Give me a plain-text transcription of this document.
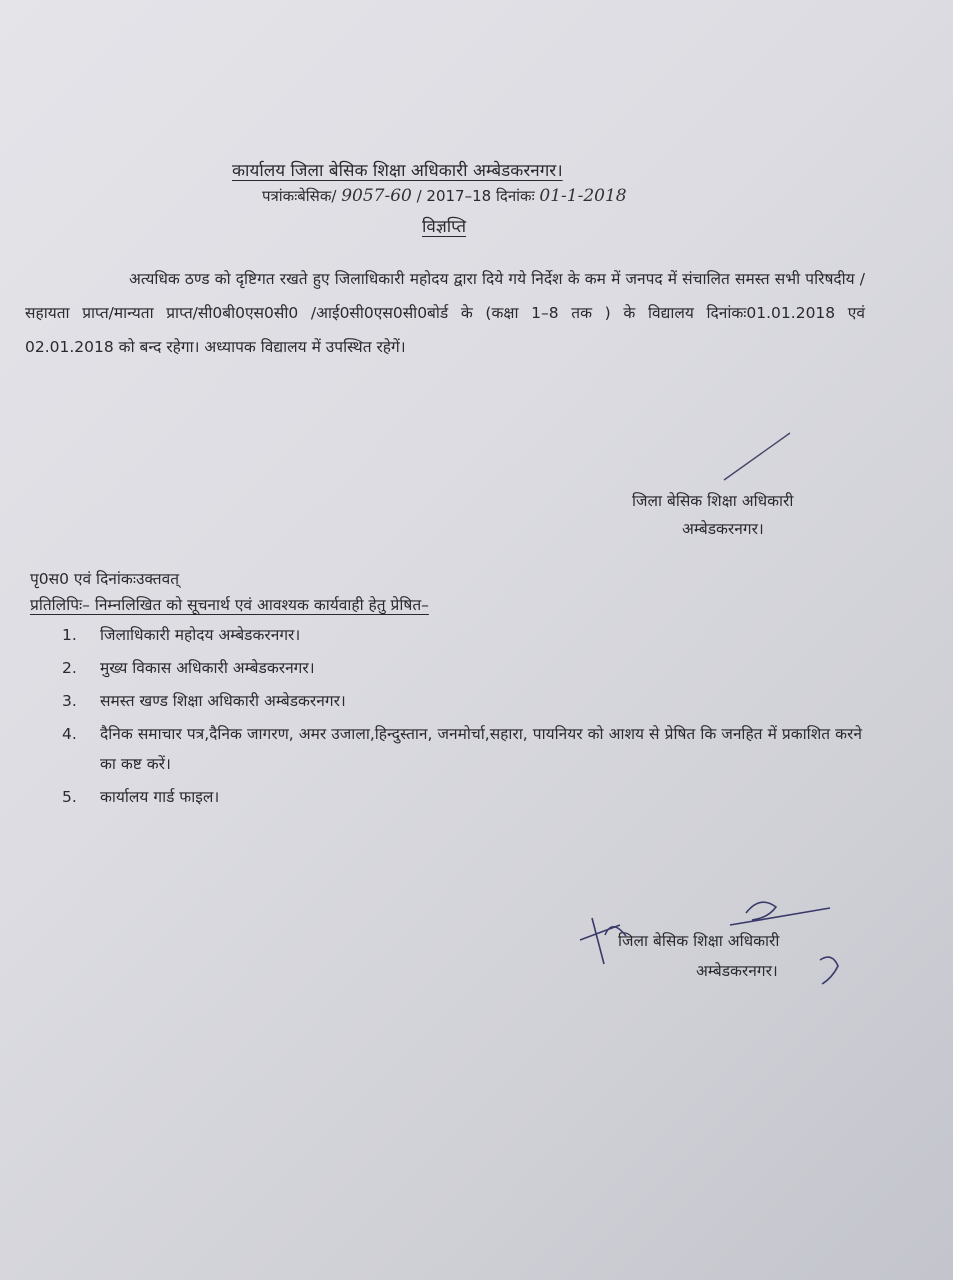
कार्यालय जिला बेसिक शिक्षा अधिकारी अम्बेडकरनगर।
पत्रांकःबेसिक/ 9057-60 / 2017–18 दिनांकः 01-1-2018
विज्ञप्ति

अत्यधिक ठण्ड को दृष्टिगत रखते हुए जिलाधिकारी महोदय द्वारा दिये गये निर्देश के कम में जनपद में संचालित समस्त सभी परिषदीय /सहायता प्राप्त/मान्यता प्राप्त/सी0बी0एस0सी0 /आई0सी0एस0सी0बोर्ड के (कक्षा 1–8 तक ) के विद्यालय दिनांकः01.01.2018 एवं 02.01.2018 को बन्द रहेगा। अध्यापक विद्यालय में उपस्थित रहेगें।

जिला बेसिक शिक्षा अधिकारी
अम्बेडकरनगर।
पृ0स0 एवं दिनांकःउक्तवत्
प्रतिलिपिः– निम्नलिखित को सूचनार्थ एवं आवश्यक कार्यवाही हेतु प्रेषित–
1.	जिलाधिकारी महोदय अम्बेडकरनगर।
2.	मुख्य विकास अधिकारी अम्बेडकरनगर।
3.	समस्त खण्ड शिक्षा अधिकारी अम्बेडकरनगर।
4.	दैनिक समाचार पत्र,दैनिक जागरण, अमर उजाला,हिन्दुस्तान, जनमोर्चा,सहारा, पायनियर को आशय से प्रेषित कि जनहित में प्रकाशित करने का कष्ट करें।
5.	कार्यालय गार्ड फाइल।
जिला बेसिक शिक्षा अधिकारी
अम्बेडकरनगर।
